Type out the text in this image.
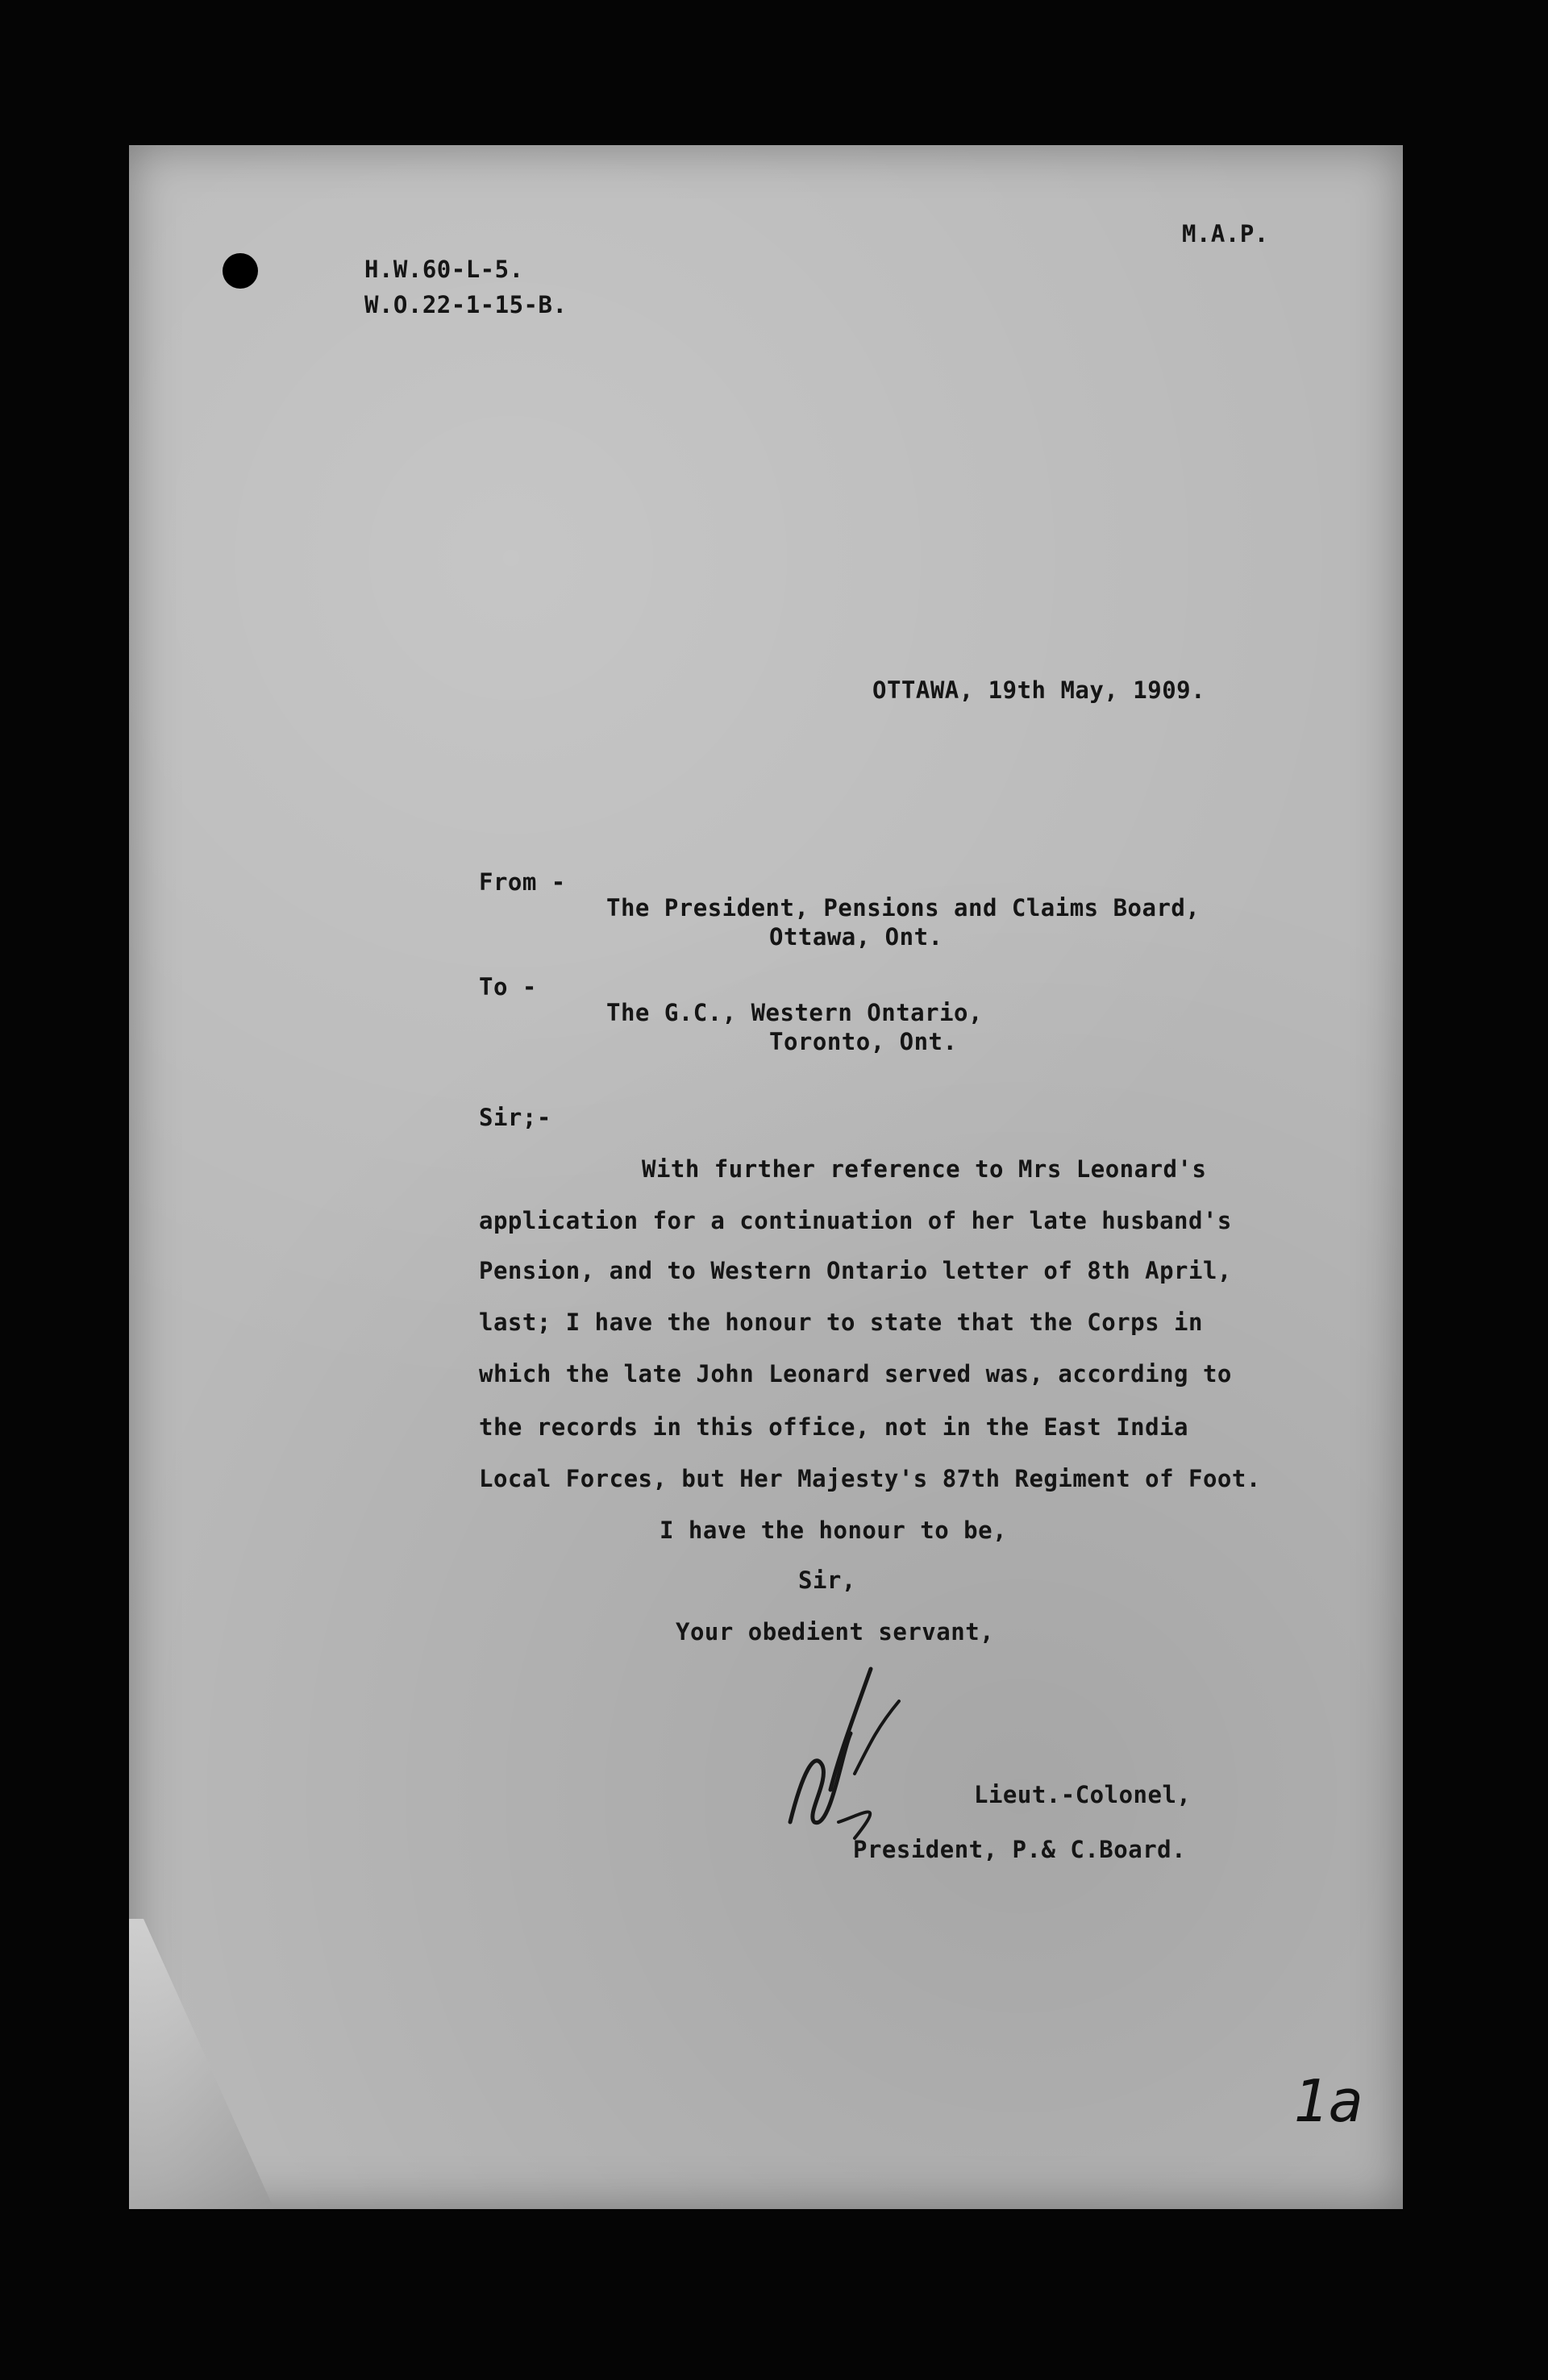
H.W.60-L-5.
W.O.22-1-15-B.
M.A.P.
OTTAWA, 19th May, 1909.
From -
The President, Pensions and Claims Board,
Ottawa, Ont.
To -
The G.C., Western Ontario,
Toronto, Ont.
Sir;-
With further reference to Mrs Leonard's
application for a continuation of her late husband's
Pension, and to Western Ontario letter of 8th April,
last; I have the honour to state that the Corps in
which the late John Leonard served was, according to
the records in this office, not in the East India
Local Forces, but Her Majesty's 87th Regiment of Foot.
I have the honour to be,
Sir,
Your obedient servant,
Lieut.-Colonel,
President, P.& C.Board.
1a
